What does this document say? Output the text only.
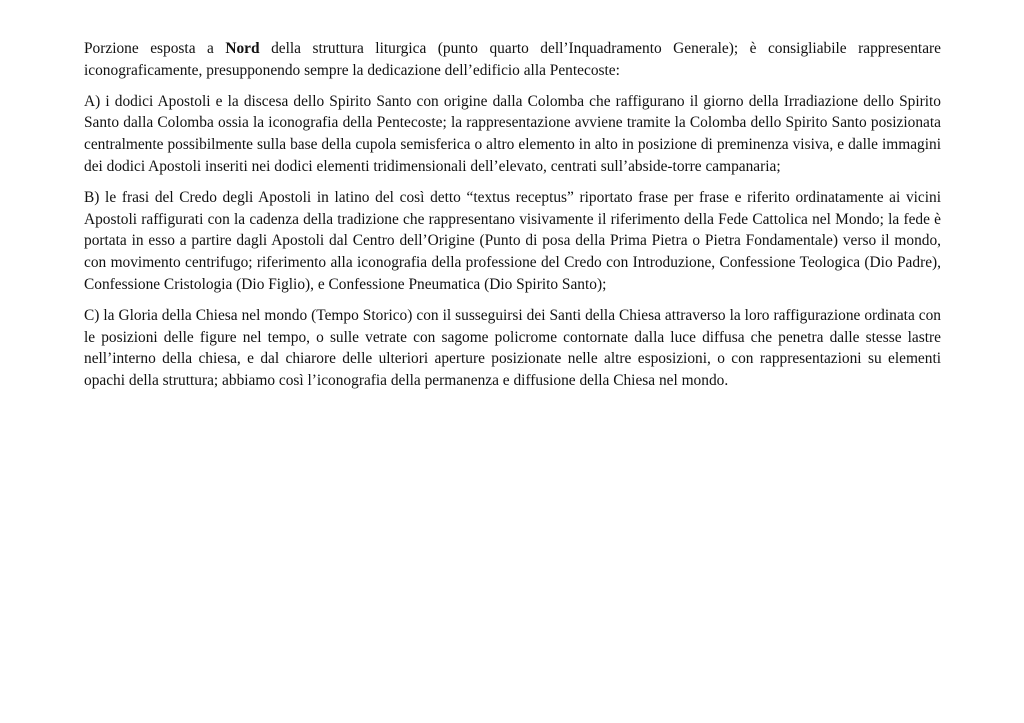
Porzione esposta a Nord della struttura liturgica (punto quarto dell’Inquadramento Generale); è consigliabile rappresentare iconograficamente, presupponendo sempre la dedicazione dell’edificio alla Pentecoste:

A) i dodici Apostoli e la discesa dello Spirito Santo con origine dalla Colomba che raffigurano il giorno della Irradiazione dello Spirito Santo dalla Colomba ossia la iconografia della Pentecoste; la rappresentazione avviene tramite la Colomba dello Spirito Santo posizionata centralmente possibilmente sulla base della cupola semisferica o altro elemento in alto in posizione di preminenza visiva, e dalle immagini dei dodici Apostoli inseriti nei dodici elementi tridimensionali dell’elevato, centrati sull’abside-torre campanaria;

B) le frasi del Credo degli Apostoli in latino del così detto “textus receptus” riportato frase per frase e riferito ordinatamente ai vicini Apostoli raffigurati con la cadenza della tradizione che rappresentano visivamente il riferimento della Fede Cattolica nel Mondo; la fede è portata in esso a partire dagli Apostoli dal Centro dell’Origine (Punto di posa della Prima Pietra o Pietra Fondamentale) verso il mondo, con movimento centrifugo; riferimento alla iconografia della professione del Credo con Introduzione, Confessione Teologica (Dio Padre), Confessione Cristologia (Dio Figlio), e Confessione Pneumatica (Dio Spirito Santo);

C) la Gloria della Chiesa nel mondo (Tempo Storico) con il susseguirsi dei Santi della Chiesa attraverso la loro raffigurazione ordinata con le posizioni delle figure nel tempo, o sulle vetrate con sagome policrome contornate dalla luce diffusa che penetra dalle stesse lastre nell’interno della chiesa, e dal chiarore delle ulteriori aperture posizionate nelle altre esposizioni, o con rappresentazioni su elementi opachi della struttura; abbiamo così l’iconografia della permanenza e diffusione della Chiesa nel mondo.
